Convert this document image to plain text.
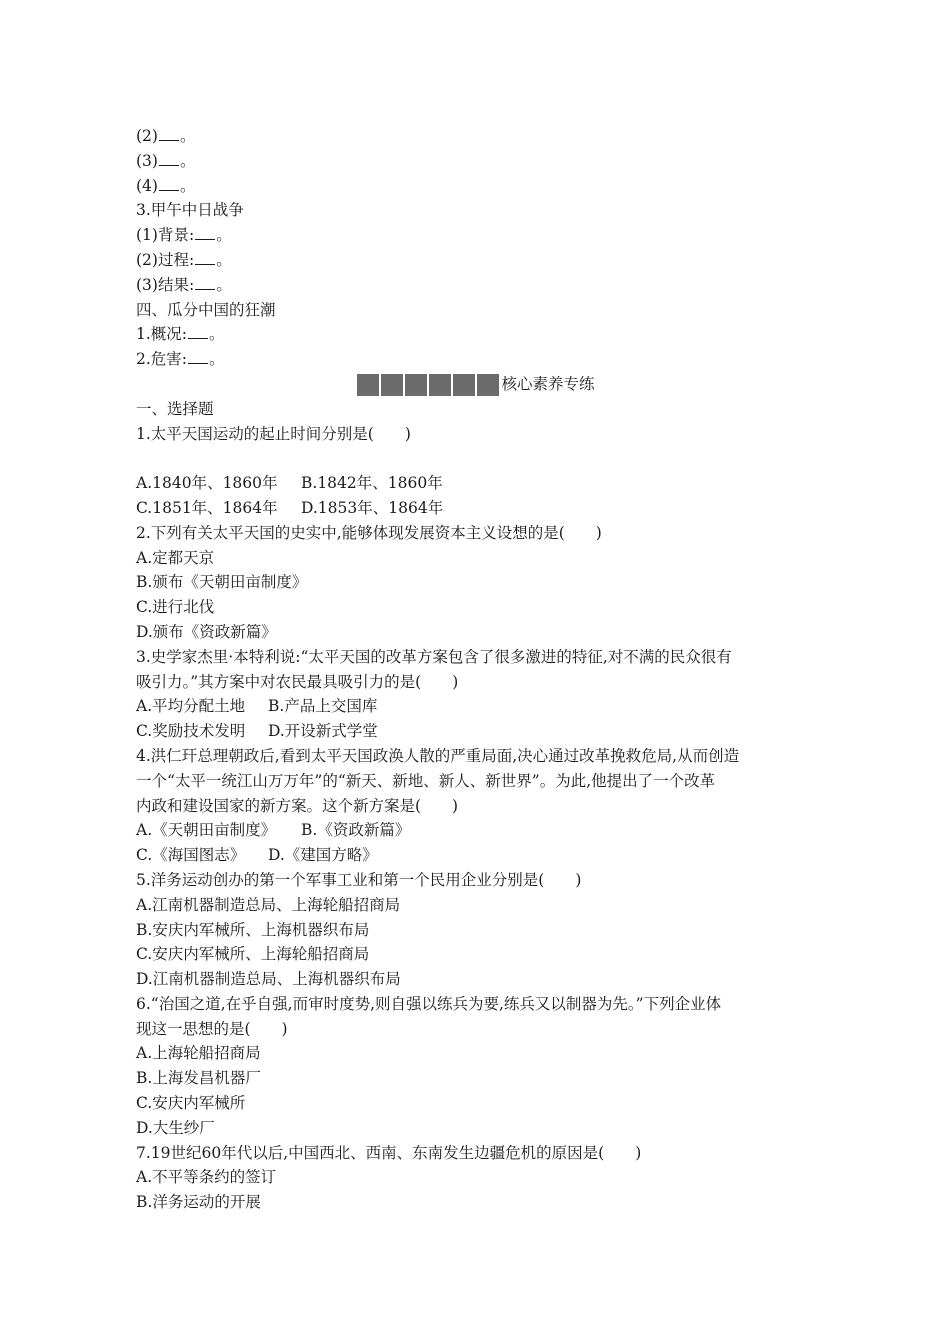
(2) 。
(3) 。
(4) 。
3.甲午中日战争
(1)背景: 。
(2)过程: 。
(3)结果: 。
四、瓜分中国的狂潮
1.概况: 。
2.危害: 。
核心素养专练
一、选择题
1.太平天国运动的起止时间分别是(　　)
A.1840年、1860年 B.1842年、1860年
C.1851年、1864年 D.1853年、1864年
2.下列有关太平天国的史实中,能够体现发展资本主义设想的是(　　)
A.定都天京
B.颁布《天朝田亩制度》
C.进行北伐
D.颁布《资政新篇》
3.史学家杰里·本特利说:“太平天国的改革方案包含了很多激进的特征,对不满的民众很有
吸引力。”其方案中对农民最具吸引力的是(　　)
A.平均分配土地 B.产品上交国库
C.奖励技术发明 D.开设新式学堂
4.洪仁玕总理朝政后,看到太平天国政涣人散的严重局面,决心通过改革挽救危局,从而创造
一个“太平一统江山万万年”的“新天、新地、新人、新世界”。为此,他提出了一个改革
内政和建设国家的新方案。这个新方案是(　　)
A.《天朝田亩制度》 B.《资政新篇》
C.《海国图志》 D.《建国方略》
5.洋务运动创办的第一个军事工业和第一个民用企业分别是(　　)
A.江南机器制造总局、上海轮船招商局
B.安庆内军械所、上海机器织布局
C.安庆内军械所、上海轮船招商局
D.江南机器制造总局、上海机器织布局
6.“治国之道,在乎自强,而审时度势,则自强以练兵为要,练兵又以制器为先。”下列企业体
现这一思想的是(　　)
A.上海轮船招商局
B.上海发昌机器厂
C.安庆内军械所
D.大生纱厂
7.19世纪60年代以后,中国西北、西南、东南发生边疆危机的原因是(　　)
A.不平等条约的签订
B.洋务运动的开展
